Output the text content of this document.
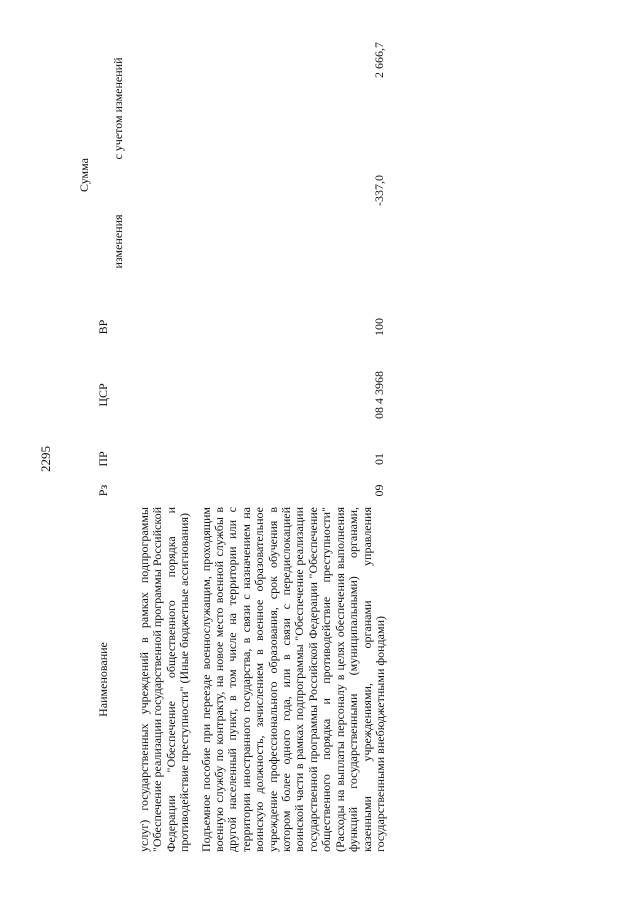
2295
Наименование	Рз	ПР	ЦСР	ВР	Сумма	
					изменения	с учетом изменений
услуг) государственных учреждений в рамках подпрограммы "Обеспечение реализации государственной программы Российской Федерации "Обеспечение общественного порядка и противодействие преступности" (Иные бюджетные ассигнования)						

Подъемное пособие при переезде военнослужащим, проходящим военную службу по контракту, на новое место военной службы в другой населенный пункт, в том числе на территории или с территории иностранного государства, в связи с назначением на воинскую должность, зачислением в военное образовательное учреждение профессионального образования, срок обучения в котором более одного года, или в связи с передислокацией воинской части в рамках подпрограммы "Обеспечение реализации государственной программы Российской Федерации "Обеспечение общественного порядка и противодействие преступности" (Расходы на выплаты персоналу в целях обеспечения выполнения функций государственными (муниципальными) органами, казенными учреждениями, органами управления государственными внебюджетными фондами)	09	01	08 4 3968	100	-337,0	2 666,7
